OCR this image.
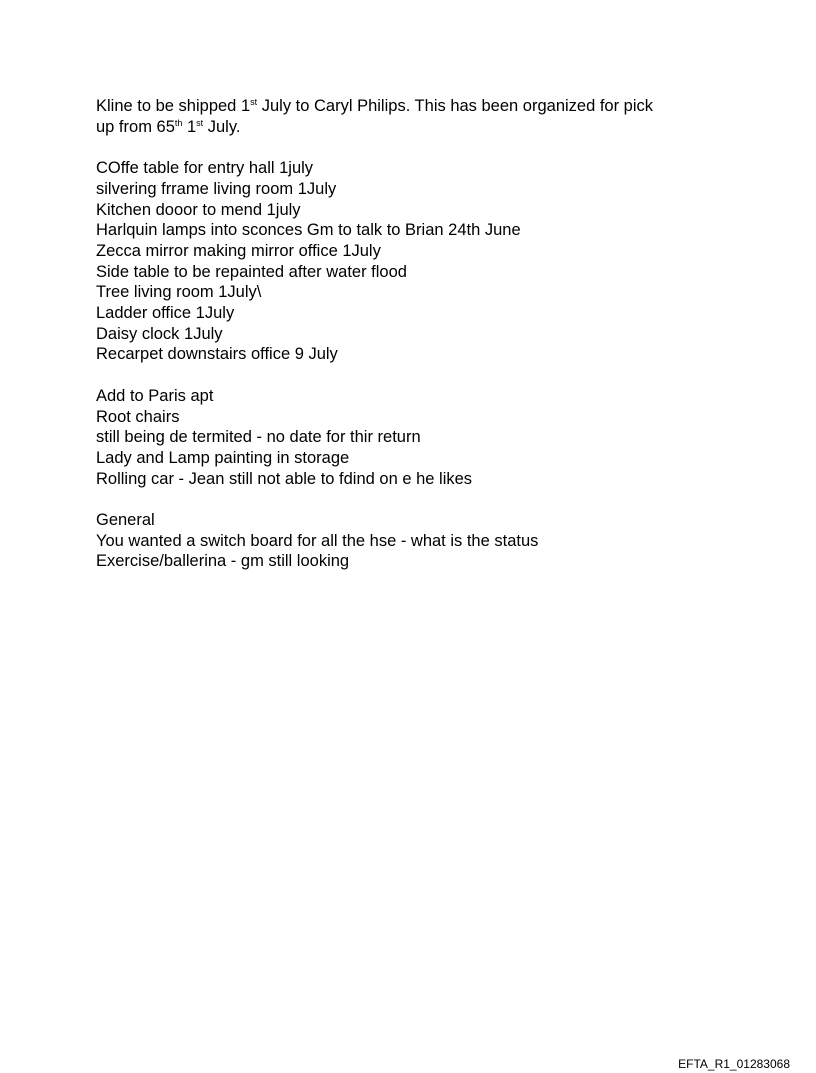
Kline to be shipped 1st July to Caryl Philips. This has been organized for pick

up from 65th 1st July.

COffe table for entry hall 1july
silvering frrame living room 1July
Kitchen dooor to mend 1july
Harlquin lamps into sconces Gm to talk to Brian 24th June
Zecca mirror making mirror office 1July
Side table to be repainted after water flood
Tree living room 1July\
Ladder office 1July
Daisy clock 1July
Recarpet downstairs office 9 July
Add to Paris apt
Root chairs
still being de termited - no date for thir return
Lady and Lamp painting in storage
Rolling car - Jean still not able to fdind on e he likes
General
You wanted a switch board for all the hse - what is the status
Exercise/ballerina - gm still looking
EFTA_R1_01283068
